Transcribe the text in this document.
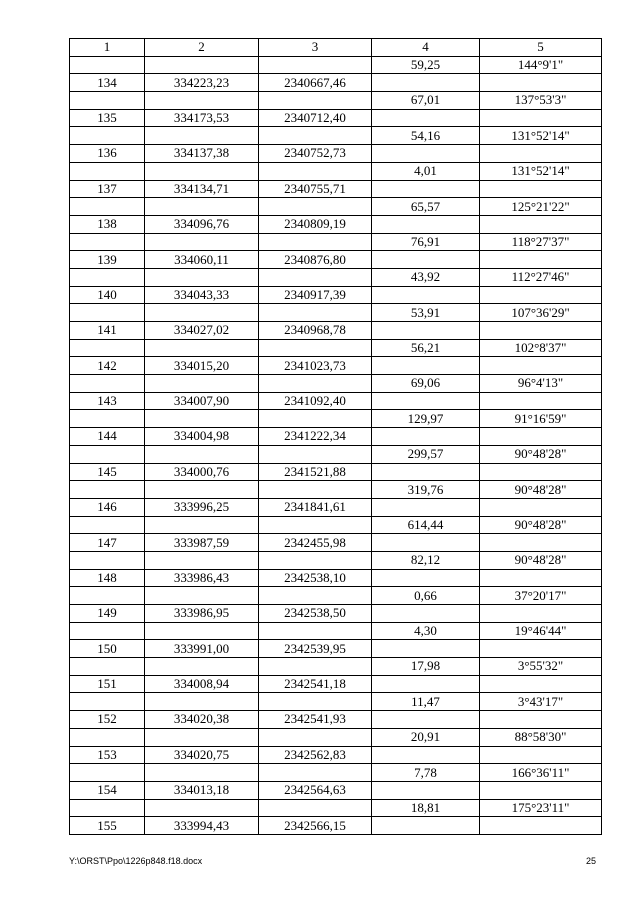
1	2	3	4	5
			59,25	144°9'1"
134	334223,23	2340667,46		
			67,01	137°53'3"
135	334173,53	2340712,40		
			54,16	131°52'14"
136	334137,38	2340752,73		
			4,01	131°52'14"
137	334134,71	2340755,71		
			65,57	125°21'22"
138	334096,76	2340809,19		
			76,91	118°27'37"
139	334060,11	2340876,80		
			43,92	112°27'46"
140	334043,33	2340917,39		
			53,91	107°36'29"
141	334027,02	2340968,78		
			56,21	102°8'37"
142	334015,20	2341023,73		
			69,06	96°4'13"
143	334007,90	2341092,40		
			129,97	91°16'59"
144	334004,98	2341222,34		
			299,57	90°48'28"
145	334000,76	2341521,88		
			319,76	90°48'28"
146	333996,25	2341841,61		
			614,44	90°48'28"
147	333987,59	2342455,98		
			82,12	90°48'28"
148	333986,43	2342538,10		
			0,66	37°20'17"
149	333986,95	2342538,50		
			4,30	19°46'44"
150	333991,00	2342539,95		
			17,98	3°55'32"
151	334008,94	2342541,18		
			11,47	3°43'17"
152	334020,38	2342541,93		
			20,91	88°58'30"
153	334020,75	2342562,83		
			7,78	166°36'11"
154	334013,18	2342564,63		
			18,81	175°23'11"
155	333994,43	2342566,15		
Y:\ORST\Ppo\1226p848.f18.docx	25
